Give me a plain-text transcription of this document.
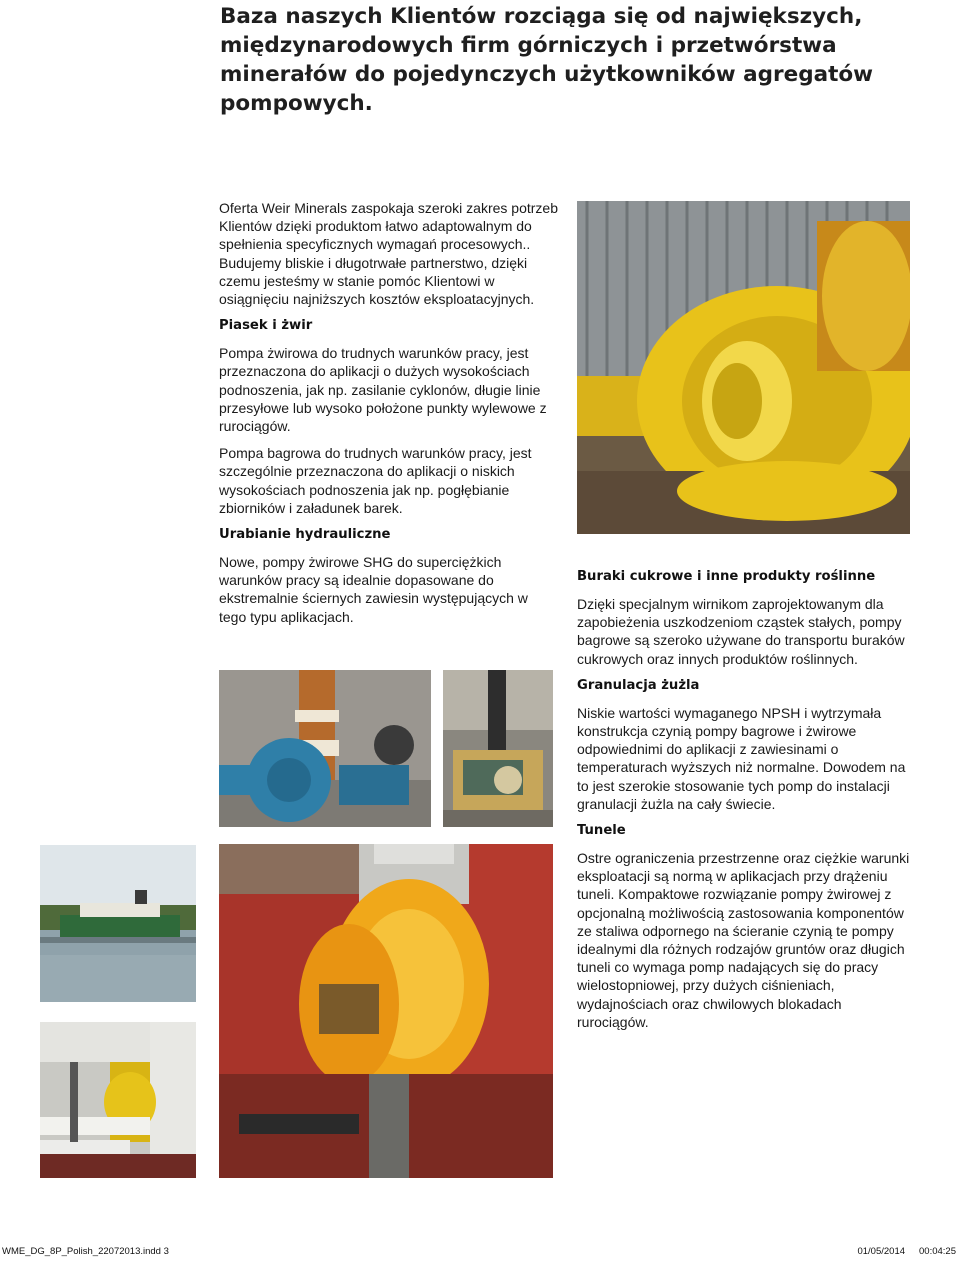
Baza naszych Klientów rozciąga się od największych, międzynarodowych firm górniczych i przetwórstwa minerałów do pojedynczych użytkowników agregatów pompowych.

Oferta Weir Minerals zaspokaja szeroki zakres potrzeb Klientów dzięki produktom łatwo adaptowalnym do spełnienia specyficznych wymagań procesowych.. Budujemy bliskie i długotrwałe partnerstwo, dzięki czemu jesteśmy w stanie pomóc Klientowi w osiągnięciu najniższych kosztów eksploatacyjnych.

Piasek i żwir

Pompa żwirowa do trudnych warunków pracy, jest przeznaczona do aplikacji o dużych wysokościach podnoszenia, jak np. zasilanie cyklonów, długie linie przesyłowe lub wysoko położone punkty wylewowe z rurociągów.

Pompa bagrowa do trudnych warunków pracy, jest szczególnie przeznaczona do aplikacji o niskich wysokościach podnoszenia jak np. pogłębianie zbiorników i załadunek barek.

Urabianie hydrauliczne

Nowe, pompy żwirowe SHG do superciężkich warunków pracy są idealnie dopasowane do ekstremalnie ściernych zawiesin występujących w tego typu aplikacjach.

Buraki cukrowe i inne produkty roślinne

Dzięki specjalnym wirnikom zaprojektowanym dla zapobieżenia uszkodzeniom cząstek stałych, pompy bagrowe są szeroko używane do transportu buraków cukrowych oraz innych produktów roślinnych.

Granulacja żużla

Niskie wartości wymaganego NPSH i wytrzymała konstrukcja czynią pompy bagrowe i żwirowe odpowiednimi do aplikacji z zawiesinami o temperaturach wyższych niż normalne. Dowodem na to jest szerokie stosowanie tych pomp do instalacji granulacji żużla na cały świecie.

Tunele

Ostre ograniczenia przestrzenne oraz ciężkie warunki eksploatacji są normą w aplikacjach przy drążeniu tuneli. Kompaktowe rozwiązanie pompy żwirowej z opcjonalną możliwością zastosowania komponentów ze staliwa odpornego na ścieranie czynią te pompy idealnymi dla różnych rodzajów gruntów oraz długich tuneli co wymaga pomp nadających się do pracy wielostopniowej, przy dużych ciśnieniach, wydajnościach oraz chwilowych blokadach rurociągów.

WME_DG_8P_Polish_22072013.indd 3	01/05/2014 00:04:25
